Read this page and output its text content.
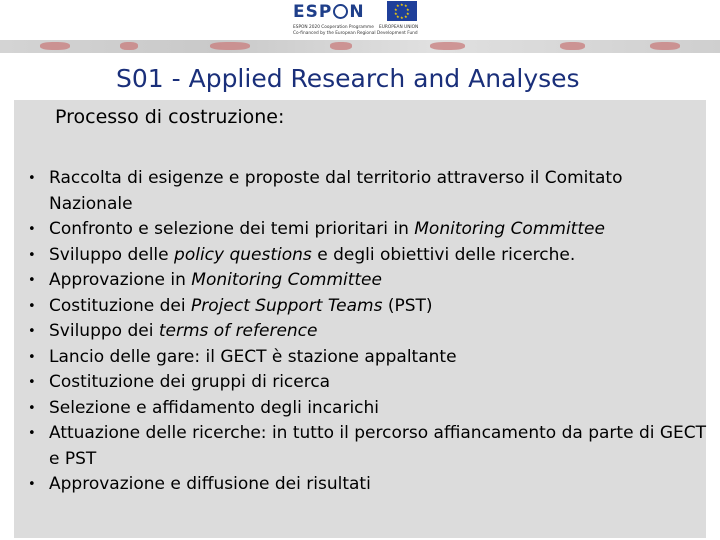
ESP N	★ ★
★
★
★
★
★
★
★
★
ESPON 2020 Cooperation Programme
Co-financed by the European Regional Development Fund
EUROPEAN UNION
S01 - Applied Research and Analyses
Processo di costruzione:
• Raccolta di esigenze e proposte dal territorio attraverso il Comitato Nazionale
• Confronto e selezione dei temi prioritari in Monitoring Committee
• Sviluppo delle policy questions e degli obiettivi delle ricerche.
• Approvazione in Monitoring Committee
• Costituzione dei Project Support Teams (PST)
• Sviluppo dei terms of reference
• Lancio delle gare: il GECT è stazione appaltante
• Costituzione dei gruppi di ricerca
• Selezione e affidamento degli incarichi
• Attuazione delle ricerche: in tutto il percorso affiancamento da parte di GECT e PST
• Approvazione e diffusione dei risultati
